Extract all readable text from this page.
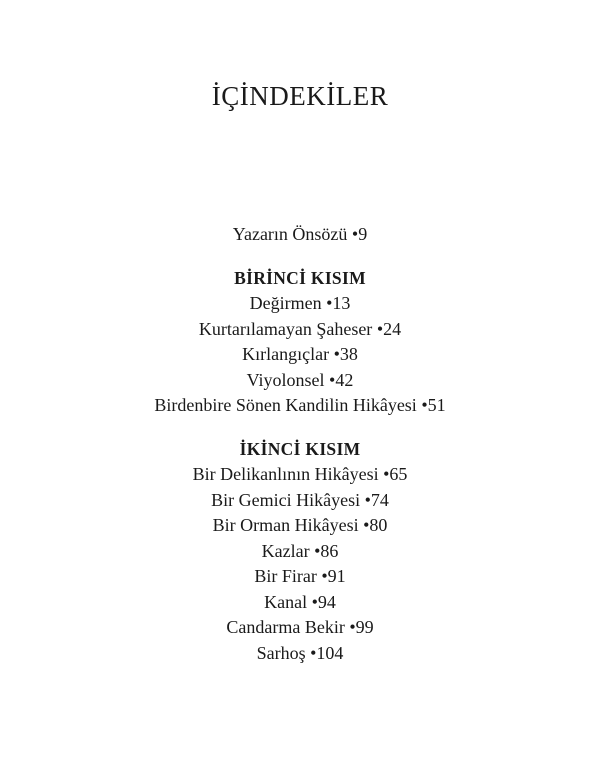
İÇİNDEKİLER
Yazarın Önsözü • 9
BİRİNCİ KISIM
Değirmen • 13
Kurtarılamayan Şaheser • 24
Kırlangıçlar • 38
Viyolonsel • 42
Birdenbire Sönen Kandilin Hikâyesi • 51
İKİNCİ KISIM
Bir Delikanlının Hikâyesi • 65
Bir Gemici Hikâyesi • 74
Bir Orman Hikâyesi • 80
Kazlar • 86
Bir Firar • 91
Kanal • 94
Candarma Bekir • 99
Sarhoş • 104
